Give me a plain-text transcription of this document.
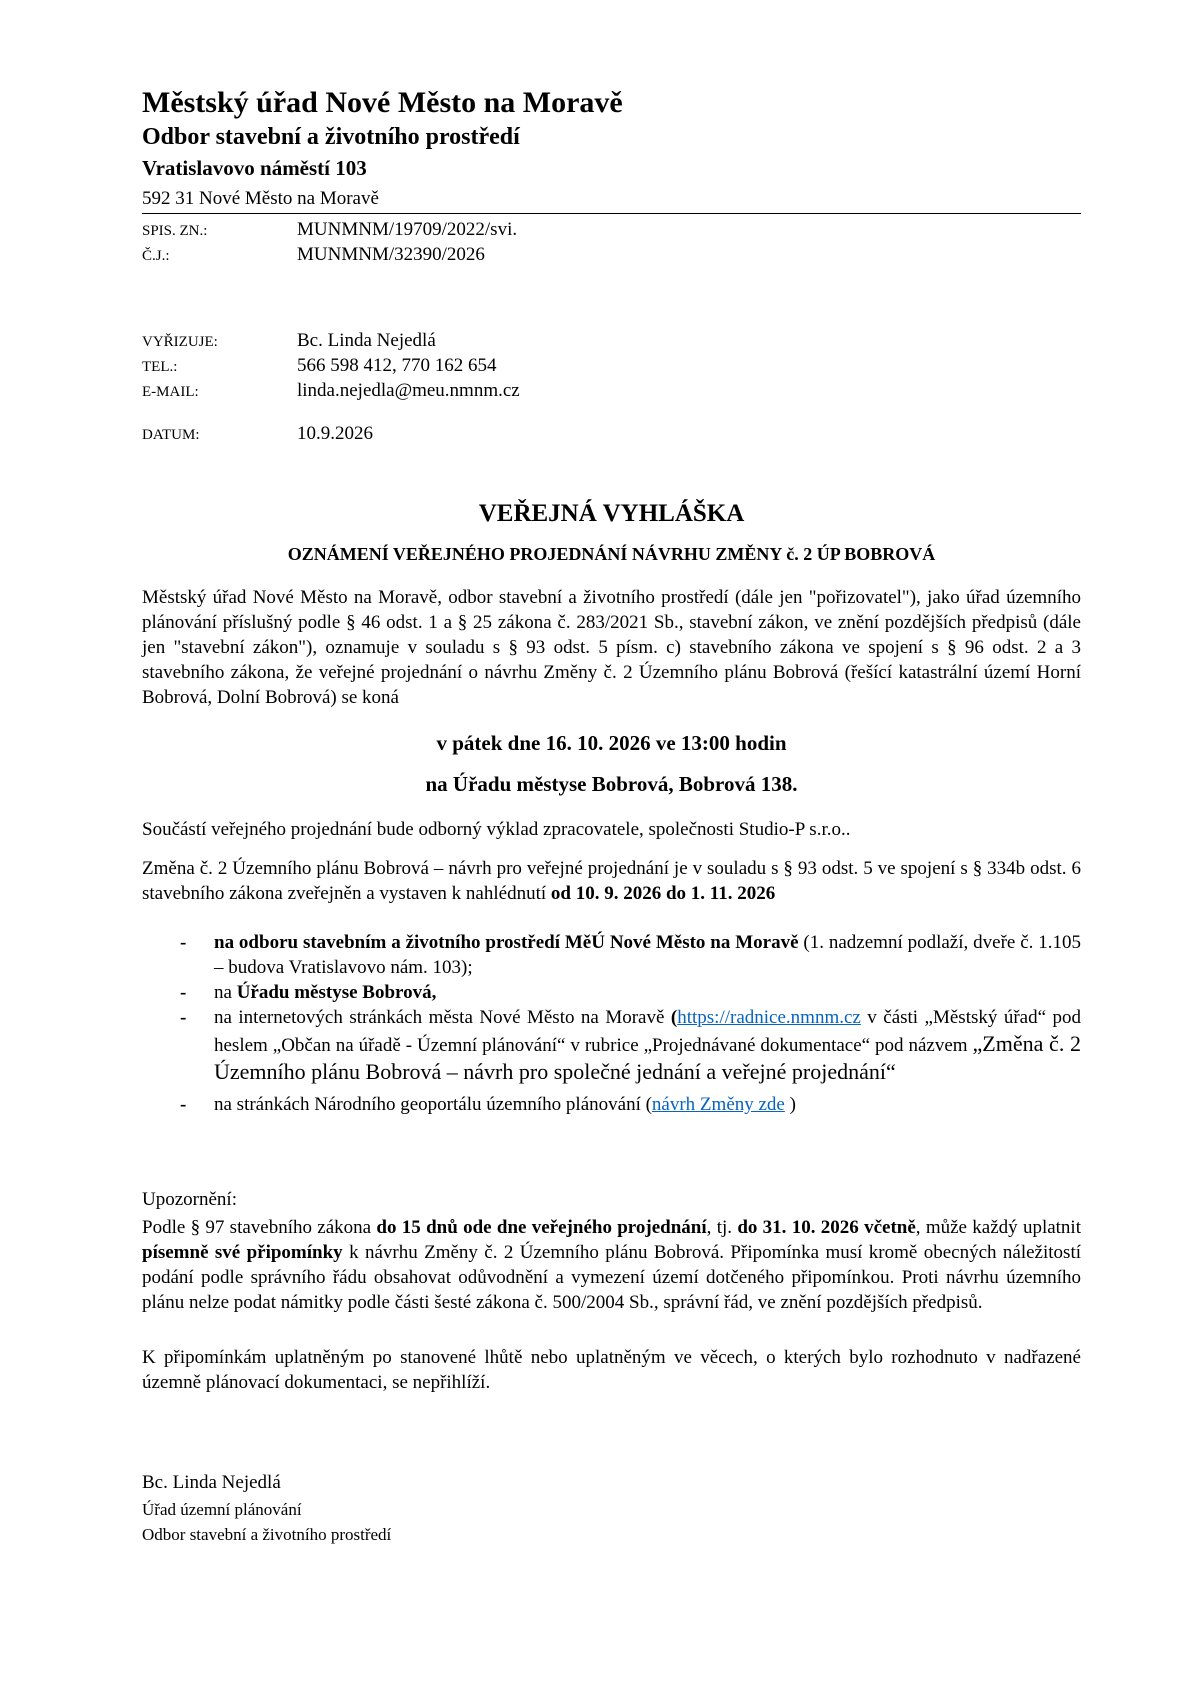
Městský úřad Nové Město na Moravě
Odbor stavební a životního prostředí
Vratislavovo náměstí 103
592 31 Nové Město na Moravě
SPIS. ZN.:	MUNMNM/19709/2022/svi.
Č.J.:	MUNMNM/32390/2026
VYŘIZUJE:	Bc. Linda Nejedlá
TEL.:	566 598 412, 770 162 654
E-MAIL:	linda.nejedla@meu.nmnm.cz
DATUM:	10.9.2026
VEŘEJNÁ VYHLÁŠKA
OZNÁMENÍ VEŘEJNÉHO PROJEDNÁNÍ NÁVRHU ZMĚNY č. 2 ÚP BOBROVÁ
Městský úřad Nové Město na Moravě, odbor stavební a životního prostředí (dále jen "pořizovatel"), jako úřad územního plánování příslušný podle § 46 odst. 1 a § 25 zákona č. 283/2021 Sb., stavební zákon, ve znění pozdějších předpisů (dále jen "stavební zákon"), oznamuje v souladu s § 93 odst. 5 písm. c) stavebního zákona ve spojení s § 96 odst. 2 a 3 stavebního zákona, že veřejné projednání o návrhu Změny č. 2 Územního plánu Bobrová (řešící katastrální území Horní Bobrová, Dolní Bobrová) se koná
v pátek dne 16. 10. 2026 ve 13:00 hodin
na Úřadu městyse Bobrová, Bobrová 138.
Součástí veřejného projednání bude odborný výklad zpracovatele, společnosti Studio-P s.r.o..
Změna č. 2 Územního plánu Bobrová – návrh pro veřejné projednání je v souladu s § 93 odst. 5 ve spojení s § 334b odst. 6 stavebního zákona zveřejněn a vystaven k nahlédnutí od 10. 9. 2026 do 1. 11. 2026
- na odboru stavebním a životního prostředí MěÚ Nové Město na Moravě (1. nadzemní podlaží, dveře č. 1.105 – budova Vratislavovo nám. 103);
- na Úřadu městyse Bobrová,
- na internetových stránkách města Nové Město na Moravě (https://radnice.nmnm.cz v části „Městský úřad“ pod heslem „Občan na úřadě - Územní plánování“ v rubrice „Projednávané dokumentace“ pod názvem „Změna č. 2 Územního plánu Bobrová – návrh pro společné jednání a veřejné projednání“
- na stránkách Národního geoportálu územního plánování (návrh Změny zde )
Upozornění:
Podle § 97 stavebního zákona do 15 dnů ode dne veřejného projednání, tj. do 31. 10. 2026 včetně, může každý uplatnit písemně své připomínky k návrhu Změny č. 2 Územního plánu Bobrová. Připomínka musí kromě obecných náležitostí podání podle správního řádu obsahovat odůvodnění a vymezení území dotčeného připomínkou. Proti návrhu územního plánu nelze podat námitky podle části šesté zákona č. 500/2004 Sb., správní řád, ve znění pozdějších předpisů.
K připomínkám uplatněným po stanovené lhůtě nebo uplatněným ve věcech, o kterých bylo rozhodnuto v nadřazené územně plánovací dokumentaci, se nepřihlíží.
Bc. Linda Nejedlá
Úřad územní plánování
Odbor stavební a životního prostředí
